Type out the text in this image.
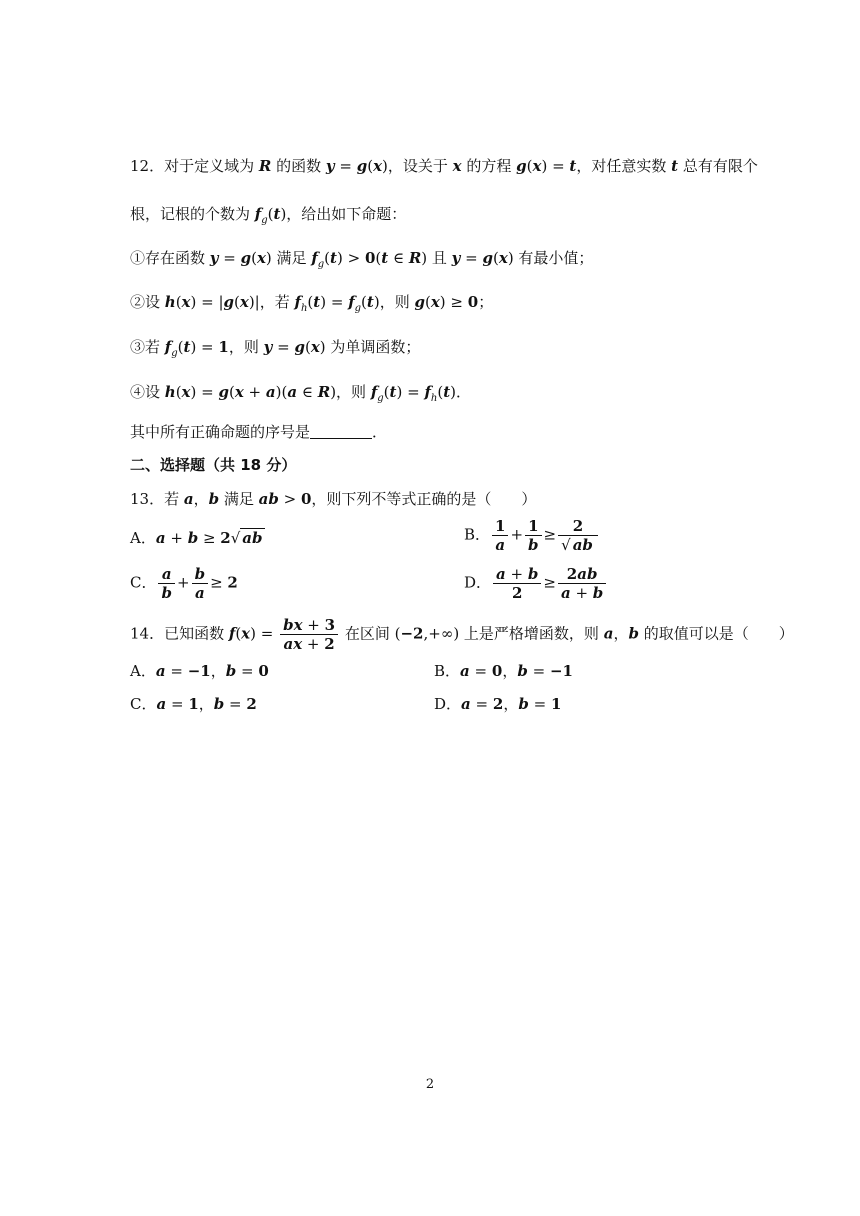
12．对于定义域为 R 的函数 y = g(x)，设关于 x 的方程 g(x) = t，对任意实数 t 总有有限个
根，记根的个数为 $f_g(t)$，给出如下命题：
①存在函数 y = g(x) 满足 $f_g(t) > 0(t$ ∈ R) 且 y = g(x) 有最小值；
②设 h(x) = |g(x)|，若 $f_h(t) = f_g(t)$，则 g(x) ≥ 0；
③若 $f_g(t) = 1$，则 y = g(x) 为单调函数；
④设 h(x) = g(x + a)(a ∈ R)，则 $f_g(t) = f_h(t)$．
其中所有正确命题的序号是	．
二、选择题（共 18 分）
13．若 a，b 满足 ab > 0，则下列不等式正确的是（　　）
A．a + b ≥ 2√ ab	B． $\frac{1}{a} + \frac{1}{b} \ge \frac{2}{√ ab}$
C． $\frac{a}{b} + \frac{b}{a} \ge 2$	D． $\frac{a + b}{2} \ge \frac{2ab}{a + b}$
14．已知函数 $f(x) = \frac{bx + 3}{ax + 2}$ 在区间 (−2,+∞) 上是严格增函数，则 a，b 的取值可以是（　　）
A．a = −1，b = 0	B．a = 0，b = −1
C．a = 1，b = 2	D．a = 2，b = 1
2
